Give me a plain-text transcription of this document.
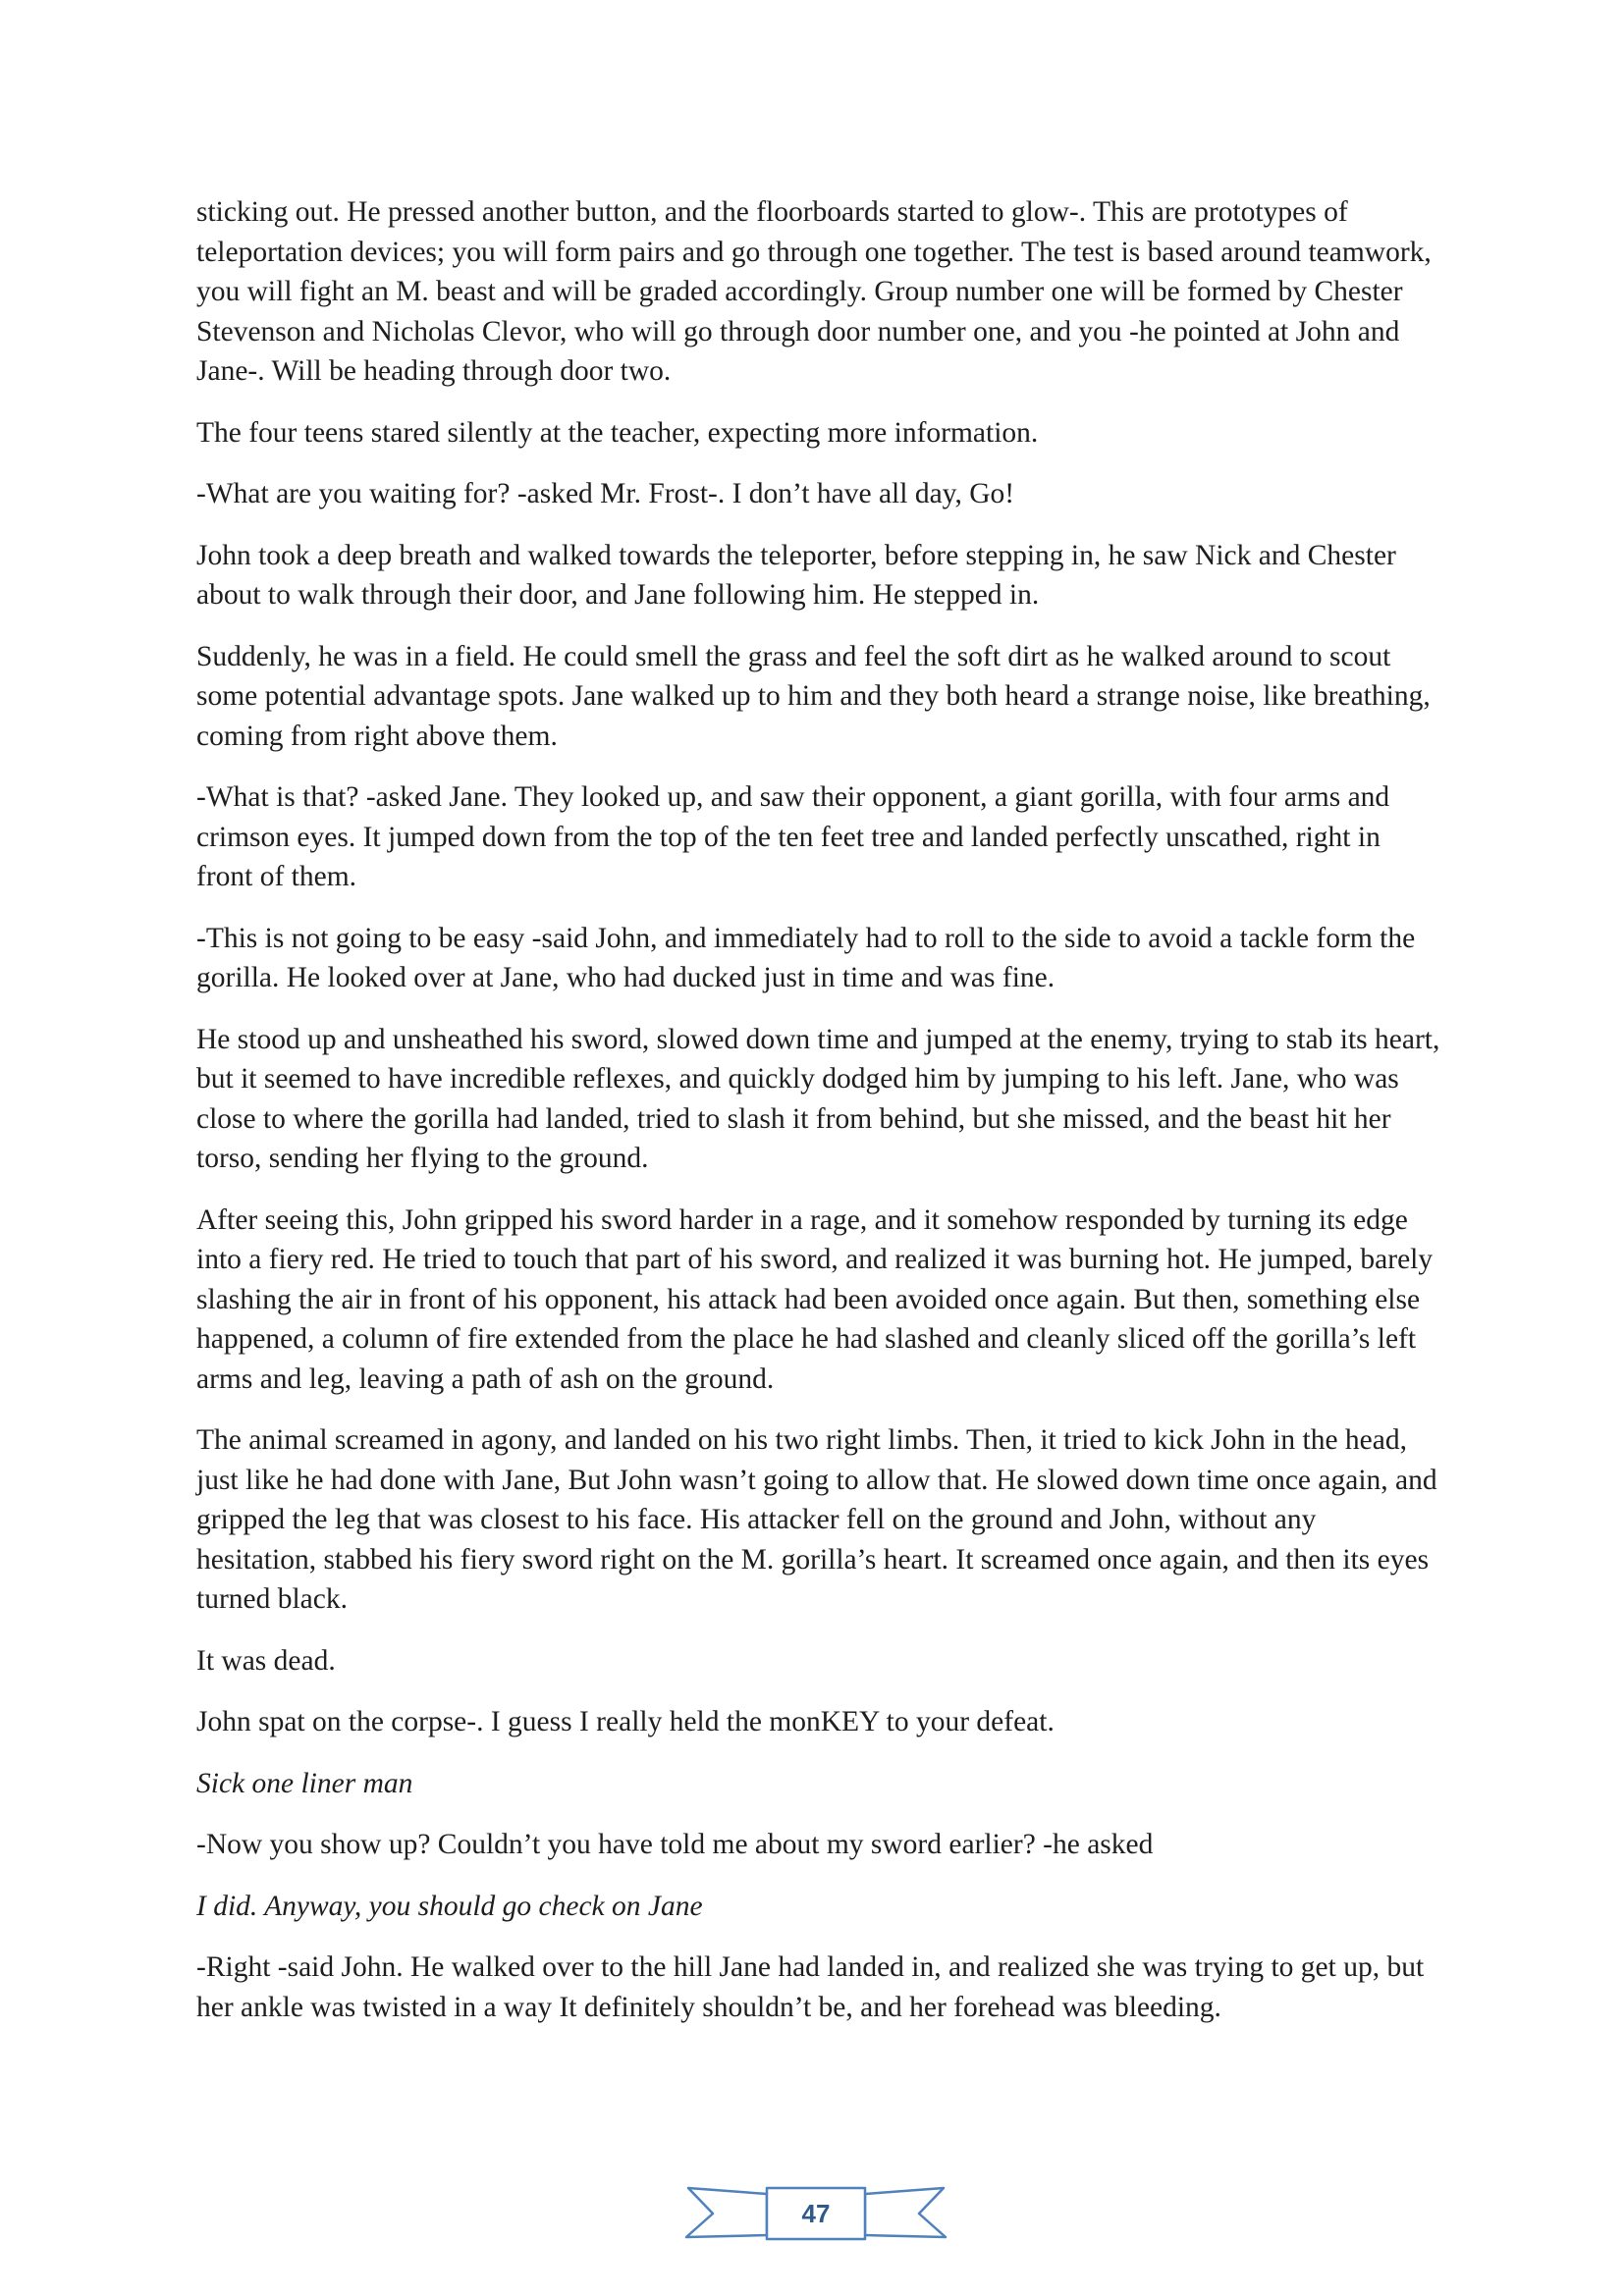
sticking out. He pressed another button, and the floorboards started to glow-. This are prototypes of teleportation devices; you will form pairs and go through one together. The test is based around teamwork, you will fight an M. beast and will be graded accordingly. Group number one will be formed by Chester Stevenson and Nicholas Clevor, who will go through door number one, and you -he pointed at John and Jane-. Will be heading through door two.

The four teens stared silently at the teacher, expecting more information.

-What are you waiting for? -asked Mr. Frost-. I don’t have all day, Go!

John took a deep breath and walked towards the teleporter, before stepping in, he saw Nick and Chester about to walk through their door, and Jane following him. He stepped in.

Suddenly, he was in a field. He could smell the grass and feel the soft dirt as he walked around to scout some potential advantage spots. Jane walked up to him and they both heard a strange noise, like breathing, coming from right above them.

-What is that? -asked Jane. They looked up, and saw their opponent, a giant gorilla, with four arms and crimson eyes. It jumped down from the top of the ten feet tree and landed perfectly unscathed, right in front of them.

-This is not going to be easy -said John, and immediately had to roll to the side to avoid a tackle form the gorilla. He looked over at Jane, who had ducked just in time and was fine.

He stood up and unsheathed his sword, slowed down time and jumped at the enemy, trying to stab its heart, but it seemed to have incredible reflexes, and quickly dodged him by jumping to his left. Jane, who was close to where the gorilla had landed, tried to slash it from behind, but she missed, and the beast hit her torso, sending her flying to the ground.

After seeing this, John gripped his sword harder in a rage, and it somehow responded by turning its edge into a fiery red. He tried to touch that part of his sword, and realized it was burning hot. He jumped, barely slashing the air in front of his opponent, his attack had been avoided once again. But then, something else happened, a column of fire extended from the place he had slashed and cleanly sliced off the gorilla’s left arms and leg, leaving a path of ash on the ground.

The animal screamed in agony, and landed on his two right limbs. Then, it tried to kick John in the head, just like he had done with Jane, But John wasn’t going to allow that. He slowed down time once again, and gripped the leg that was closest to his face. His attacker fell on the ground and John, without any hesitation, stabbed his fiery sword right on the M. gorilla’s heart. It screamed once again, and then its eyes turned black.

It was dead.

John spat on the corpse-. I guess I really held the monKEY to your defeat.

Sick one liner man

-Now you show up? Couldn’t you have told me about my sword earlier? -he asked

I did. Anyway, you should go check on Jane

-Right -said John. He walked over to the hill Jane had landed in, and realized she was trying to get up, but her ankle was twisted in a way It definitely shouldn’t be, and her forehead was bleeding.

47
